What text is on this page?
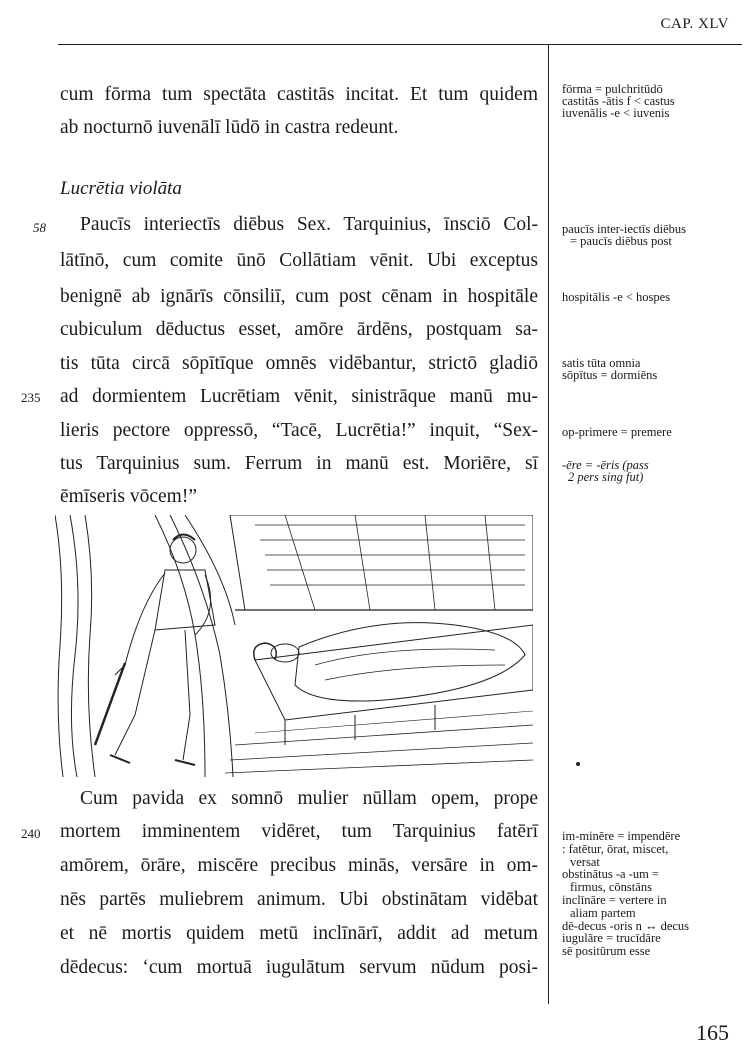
CAP. XLV
cum fōrma tum spectāta castitās incitat. Et tum quidem
ab nocturnō iuvenālī lūdō in castra redeunt.
Paucīs interiectīs diēbus Sex. Tarquinius, īnsciō Col-
lātīnō, cum comite ūnō Collātiam vēnit. Ubi exceptus
benignē ab ignārīs cōnsiliī, cum post cēnam in hospitāle
cubiculum dēductus esset, amōre ārdēns, postquam sa-
tis tūta circā sōpītīque omnēs vidēbantur, strictō gladiō
ad dormientem Lucrētiam vēnit, sinistrāque manū mu-
lieris pectore oppressō, “Tacē, Lucrētia!” inquit, “Sex-
tus Tarquinius sum. Ferrum in manū est. Moriēre, sī
ēmīseris vōcem!”
Cum pavida ex somnō mulier nūllam opem, prope
mortem imminentem vidēret, tum Tarquinius fatērī
amōrem, ōrāre, miscēre precibus minās, versāre in om-
nēs partēs muliebrem animum. Ubi obstinātam vidēbat
et nē mortis quidem metū inclīnārī, addit ad metum
dēdecus: ‘cum mortuā iugulātum servum nūdum posi-
Lucrētia violāta
58
235
240
fōrma = pulchritūdō
castitās -ātis f < castus
iuvenālis -e < iuvenis
paucīs inter-iectīs diēbus
= paucīs diēbus post
hospitālis -e < hospes
satis tūta omnia
sōpītus = dormiēns
op-primere = premere
-ēre = -ēris (pass
2 pers sing fut)
im-minēre = impendēre
: fatētur, ōrat, miscet,
versat
obstinātus -a -um =
firmus, cōnstāns
inclīnāre = vertere in
aliam partem
dē-decus -oris n ↔ decus
iugulāre = trucīdāre
sē positūrum esse
165
